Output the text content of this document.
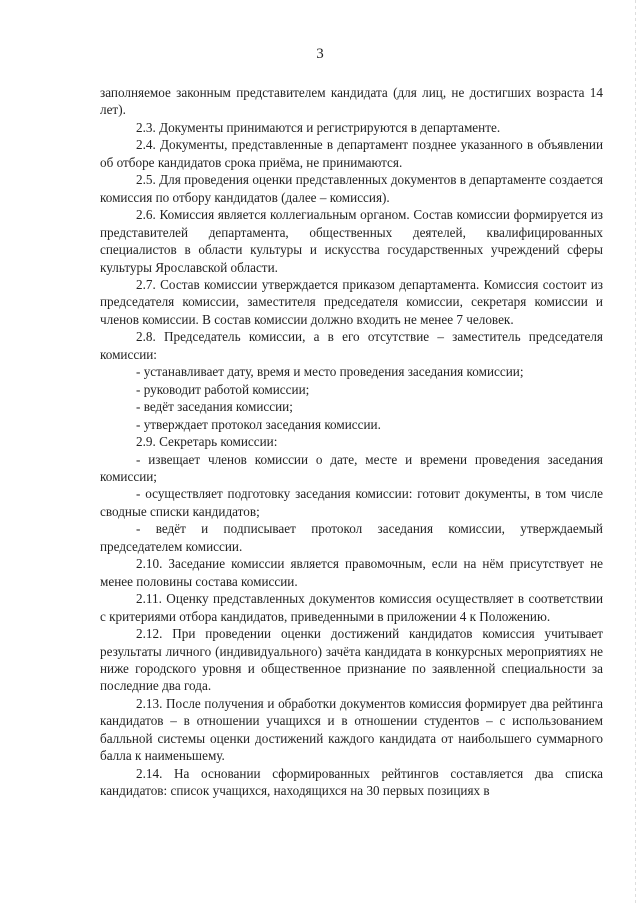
3

заполняемое законным представителем кандидата (для лиц, не достигших возраста 14 лет).

2.3. Документы принимаются и регистрируются в департаменте.

2.4. Документы, представленные в департамент позднее указанного в объявлении об отборе кандидатов срока приёма, не принимаются.

2.5. Для проведения оценки представленных документов в департаменте создается комиссия по отбору кандидатов (далее – комиссия).

2.6. Комиссия является коллегиальным органом. Состав комиссии формируется из представителей департамента, общественных деятелей, квалифицированных специалистов в области культуры и искусства государственных учреждений сферы культуры Ярославской области.

2.7. Состав комиссии утверждается приказом департамента. Комиссия состоит из председателя комиссии, заместителя председателя комиссии, секретаря комиссии и членов комиссии. В состав комиссии должно входить не менее 7 человек.

2.8. Председатель комиссии, а в его отсутствие – заместитель председателя комиссии:

- устанавливает дату, время и место проведения заседания комиссии;

- руководит работой комиссии;

- ведёт заседания комиссии;

- утверждает протокол заседания комиссии.

2.9. Секретарь комиссии:

- извещает членов комиссии о дате, месте и времени проведения заседания комиссии;

- осуществляет подготовку заседания комиссии: готовит документы, в том числе сводные списки кандидатов;

- ведёт и подписывает протокол заседания комиссии, утверждаемый председателем комиссии.

2.10. Заседание комиссии является правомочным, если на нём присутствует не менее половины состава комиссии.

2.11. Оценку представленных документов комиссия осуществляет в соответствии с критериями отбора кандидатов, приведенными в приложении 4 к Положению.

2.12. При проведении оценки достижений кандидатов комиссия учитывает результаты личного (индивидуального) зачёта кандидата в конкурсных мероприятиях не ниже городского уровня и общественное признание по заявленной специальности за последние два года.

2.13. После получения и обработки документов комиссия формирует два рейтинга кандидатов – в отношении учащихся и в отношении студентов – с использованием балльной системы оценки достижений каждого кандидата от наибольшего суммарного балла к наименьшему.

2.14. На основании сформированных рейтингов составляется два списка кандидатов: список учащихся, находящихся на 30 первых позициях в
